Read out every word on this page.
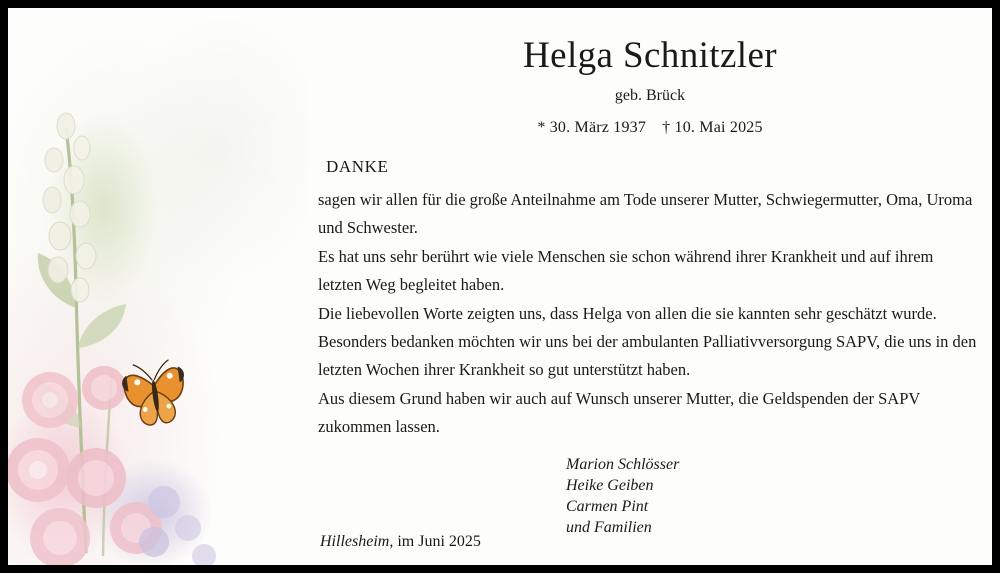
Helga Schnitzler
geb. Brück
* 30. März 1937 † 10. Mai 2025
DANKE

sagen wir allen für die große Anteilnahme am Tode unserer Mutter, Schwiegermutter, Oma, Uroma und Schwester.

Es hat uns sehr berührt wie viele Menschen sie schon während ihrer Krankheit und auf ihrem letzten Weg begleitet haben.

Die liebevollen Worte zeigten uns, dass Helga von allen die sie kannten sehr geschätzt wurde.

Besonders bedanken möchten wir uns bei der ambulanten Palliativversorgung SAPV, die uns in den letzten Wochen ihrer Krankheit so gut unterstützt haben.

Aus diesem Grund haben wir auch auf Wunsch unserer Mutter, die Geldspenden der SAPV zukommen lassen.

Marion Schlösser
Heike Geiben
Carmen Pint
und Familien
Hillesheim, im Juni 2025
